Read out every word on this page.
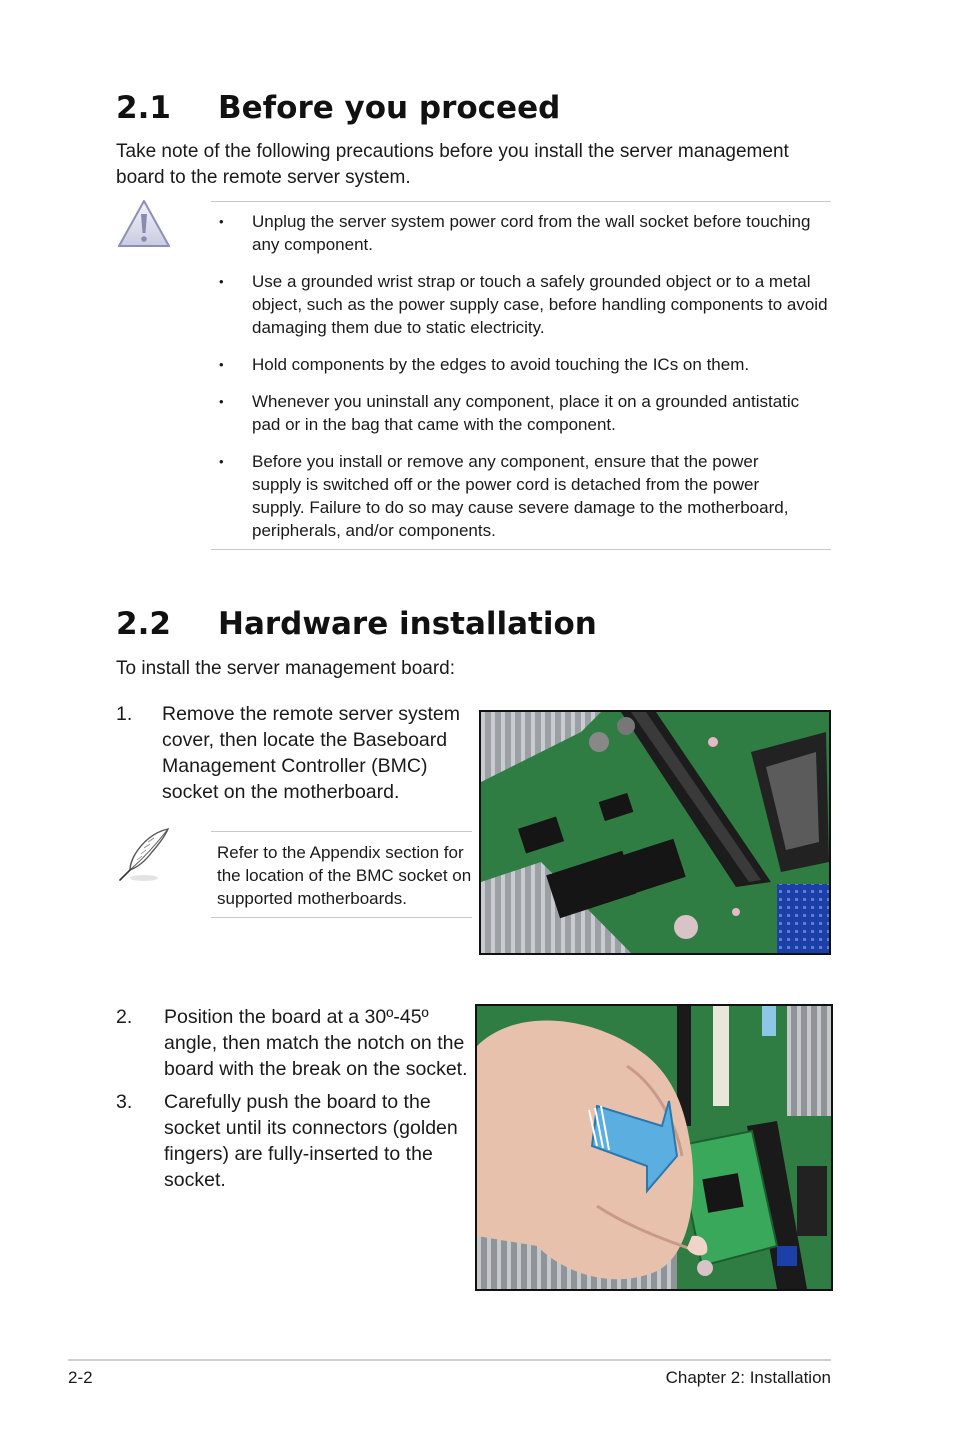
2.1 Before you proceed

Take note of the following precautions before you install the server management board to the remote server system.

• Unplug the server system power cord from the wall socket before touching any component.
• Use a grounded wrist strap or touch a safely grounded object or to a metal object, such as the power supply case, before handling components to avoid damaging them due to static electricity.
• Hold components by the edges to avoid touching the ICs on them.
• Whenever you uninstall any component, place it on a grounded antistatic pad or in the bag that came with the component.
• Before you install or remove any component, ensure that the power supply is switched off or the power cord is detached from the power supply. Failure to do so may cause severe damage to the motherboard, peripherals, and/or components.
2.2 Hardware installation

To install the server management board:

1. Remove the remote server system cover, then locate the Baseboard Management Controller (BMC) socket on the motherboard.

Refer to the Appendix section for the location of the BMC socket on supported motherboards.

2. Position the board at a 30º-45º angle, then match the notch on the board with the break on the socket.
3. Carefully push the board to the socket until its connectors (golden fingers) are fully-inserted to the socket.
2-2	Chapter 2: Installation
